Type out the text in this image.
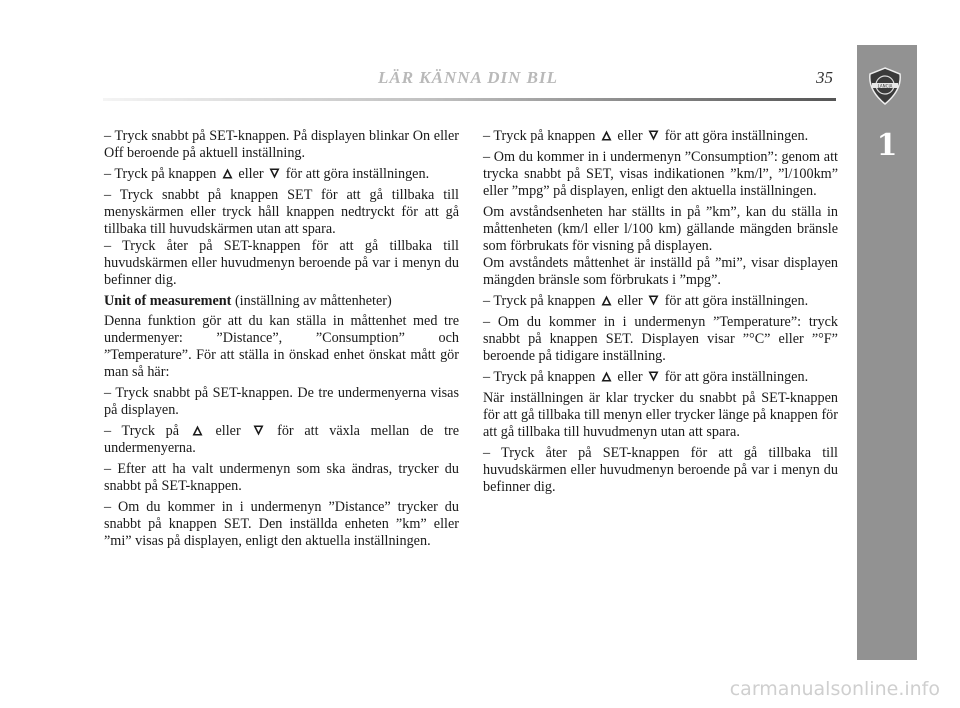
LÄR KÄNNA DIN BIL	35	LANCIA
1

– Tryck snabbt på SET-knappen. På displayen blinkar On eller Off beroende på aktuell inställning.

– Tryck på knappen eller för att göra inställningen.

– Tryck snabbt på knappen SET för att gå tillbaka till menyskärmen eller tryck håll knappen nedtryckt för att gå tillbaka till huvudskärmen utan att spara.

– Tryck åter på SET-knappen för att gå tillbaka till huvudskärmen eller huvudmenyn beroende på var i menyn du befinner dig.

Unit of measurement (inställning av måttenheter)

Denna funktion gör att du kan ställa in måttenhet med tre undermenyer: ”Distance”, ”Consumption” och ”Temperature”. För att ställa in önskad enhet önskat mått gör man så här:

– Tryck snabbt på SET-knappen. De tre undermenyerna visas på displayen.

– Tryck på	eller	för att växla mellan de tre undermenyerna.

– Efter att ha valt undermenyn som ska ändras, trycker du snabbt på SET-knappen.

– Om du kommer in i undermenyn ”Distance” trycker du snabbt på knappen SET. Den inställda enheten ”km” eller ”mi” visas på displayen, enligt den aktuella inställningen.

– Tryck på knappen eller för att göra inställningen.

– Om du kommer in i undermenyn ”Consumption”: genom att trycka snabbt på SET, visas indikationen ”km/l”, ”l/100km” eller ”mpg” på displayen, enligt den aktuella inställningen.

Om avståndsenheten har ställts in på ”km”, kan du ställa in måttenheten (km/l eller l/100 km) gällande mängden bränsle som förbrukats för visning på displayen.

Om avståndets måttenhet är inställd på ”mi”, visar displayen mängden bränsle som förbrukats i ”mpg”.

– Tryck på knappen eller för att göra inställningen.

– Om du kommer in i undermenyn ”Temperature”: tryck snabbt på knappen SET. Displayen visar ”°C” eller ”°F” beroende på tidigare inställning.

– Tryck på knappen eller för att göra inställningen.

När inställningen är klar trycker du snabbt på SET-knappen för att gå tillbaka till menyn eller trycker länge på knappen för att gå tillbaka till huvudmenyn utan att spara.

– Tryck åter på SET-knappen för att gå tillbaka till huvudskärmen eller huvudmenyn beroende på var i menyn du befinner dig.

carmanualsonline.info
